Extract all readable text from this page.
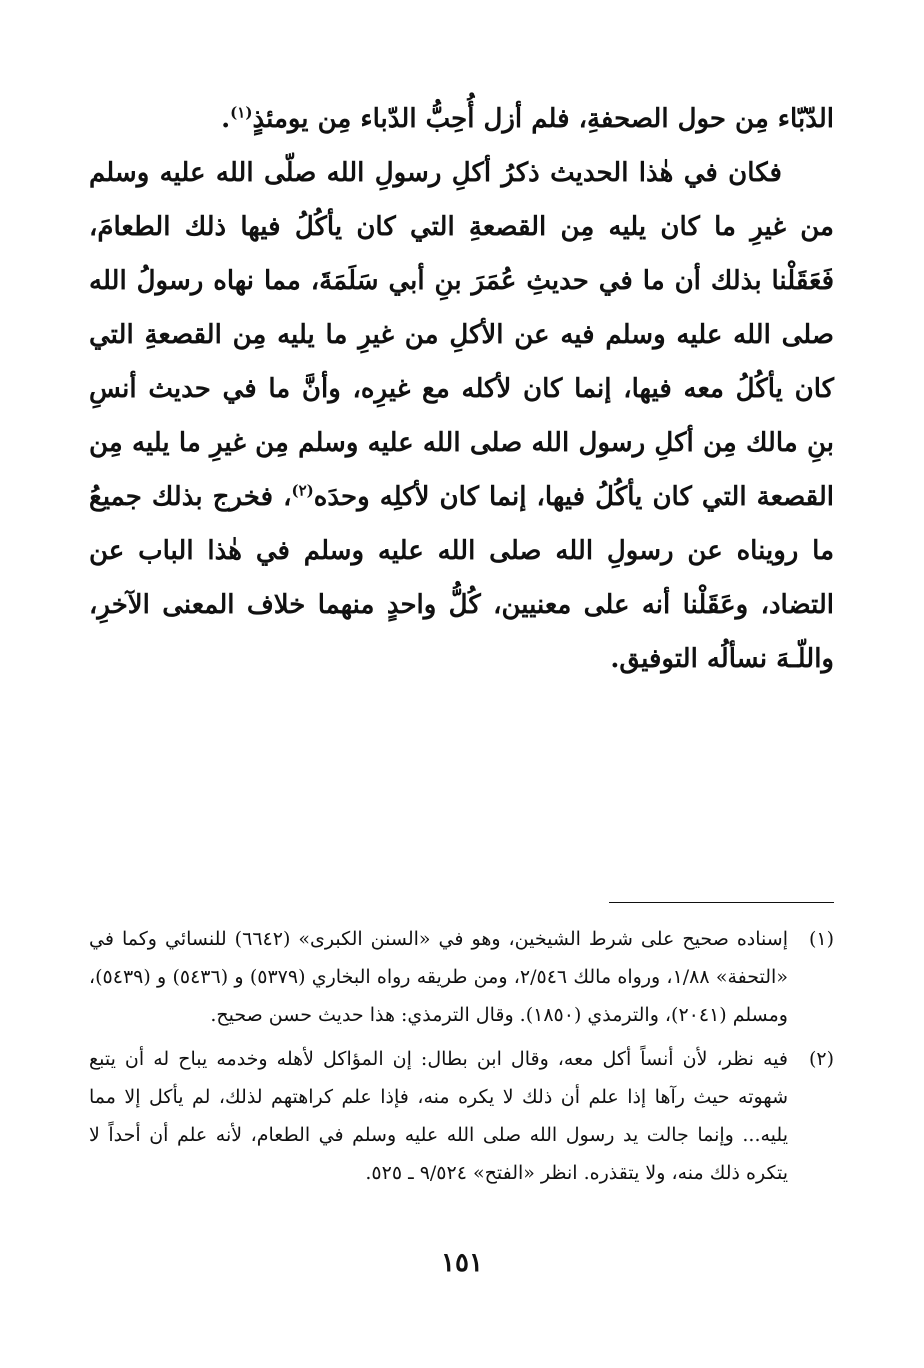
الدّبّاء مِن حول الصحفةِ، فلم أزل أُحِبُّ الدّباء مِن يومئذٍ$^{(١)}$.

فكان في هٰذا الحديث ذكرُ أكلِ رسولِ الله صلّى الله عليه وسلم من غيرِ ما كان يليه مِن القصعةِ التي كان يأكُلُ فيها ذلك الطعامَ، فَعَقَلْنا بذلك أن ما في حديثِ عُمَرَ بنِ أبي سَلَمَةَ، مما نهاه رسولُ الله صلى الله عليه وسلم فيه عن الأكلِ من غيرِ ما يليه مِن القصعةِ التي كان يأكُلُ معه فيها، إنما كان لأكله مع غيرِه، وأنَّ ما في حديث أنسِ بنِ مالك مِن أكلِ رسول الله صلى الله عليه وسلم مِن غيرِ ما يليه مِن القصعة التي كان يأكُلُ فيها، إنما كان لأكلِه وحدَه$^{(٢)}$، فخرج بذلك جميعُ ما رويناه عن رسولِ الله صلى الله عليه وسلم في هٰذا الباب عن التضاد، وعَقَلْنا أنه على معنيين، كُلُّ واحدٍ منهما خلاف المعنى الآخرِ، واللّـهَ نسألُه التوفيق.

(١)
إسناده صحيح على شرط الشيخين، وهو في «السنن الكبرى» (٦٦٤٢) للنسائي وكما في «التحفة» ١/٨٨، ورواه مالك ٢/٥٤٦، ومن طريقه رواه البخاري (٥٣٧٩) و (٥٤٣٦) و (٥٤٣٩)، ومسلم (٢٠٤١)، والترمذي (١٨٥٠). وقال الترمذي: هذا حديث حسن صحيح.
(٢)
فيه نظر، لأن أنساً أكل معه، وقال ابن بطال: إن المؤاكل لأهله وخدمه يباح له أن يتبع شهوته حيث رآها إذا علم أن ذلك لا يكره منه، فإذا علم كراهتهم لذلك، لم يأكل إلا مما يليه... وإنما جالت يد رسول الله صلى الله عليه وسلم في الطعام، لأنه علم أن أحداً لا يتكره ذلك منه، ولا يتقذره. انظر «الفتح» ٩/٥٢٤ ـ ٥٢٥.
١٥١
